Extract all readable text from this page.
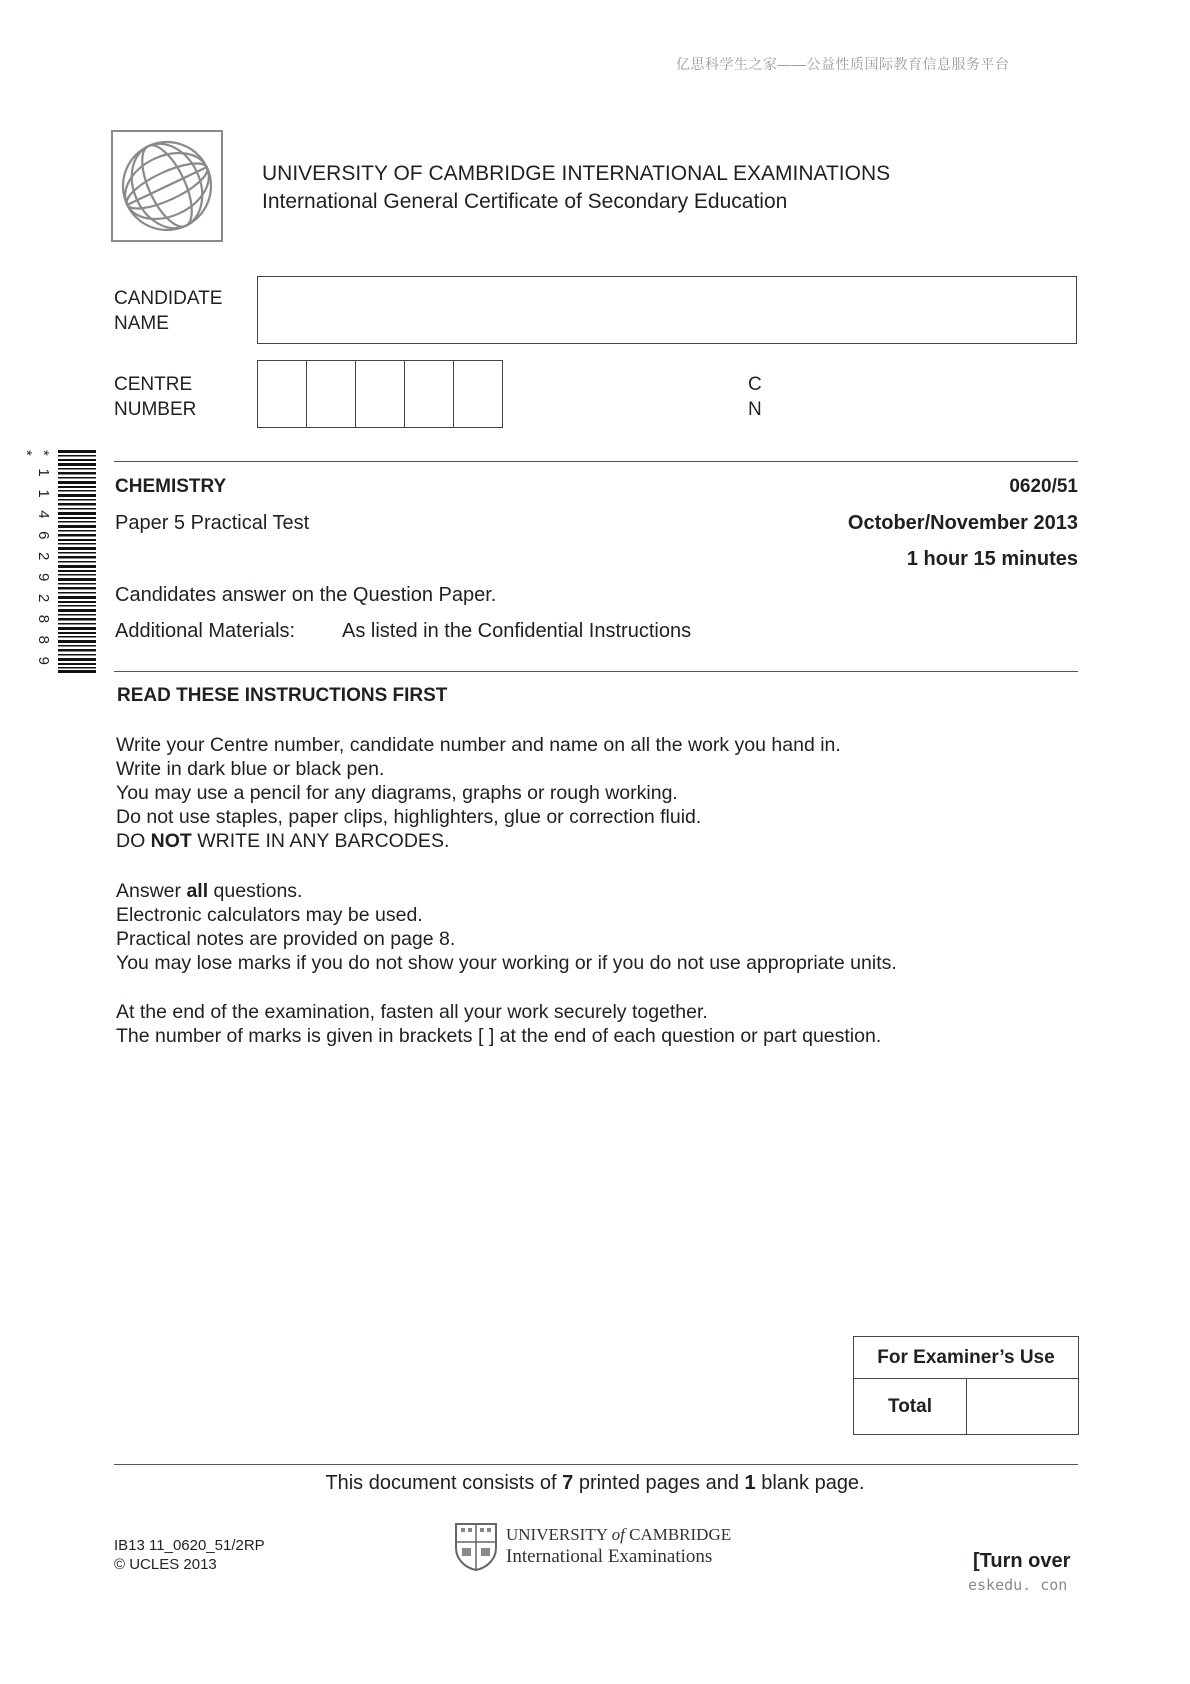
亿思科学生之家——公益性质国际教育信息服务平台
UNIVERSITY OF CAMBRIDGE INTERNATIONAL EXAMINATIONS
International General Certificate of Secondary Education
CANDIDATE
NAME
CENTRE
NUMBER
C
N
* 1 1 4 6 2 9 2 8 8 9 *
CHEMISTRY	0620/51
Paper 5 Practical Test	October/November 2013
1 hour 15 minutes
Candidates answer on the Question Paper.
Additional Materials: As listed in the Confidential Instructions
READ THESE INSTRUCTIONS FIRST
Write your Centre number, candidate number and name on all the work you hand in.
Write in dark blue or black pen.
You may use a pencil for any diagrams, graphs or rough working.
Do not use staples, paper clips, highlighters, glue or correction fluid.
DO NOT WRITE IN ANY BARCODES.
Answer all questions.
Electronic calculators may be used.
Practical notes are provided on page 8.
You may lose marks if you do not show your working or if you do not use appropriate units.
At the end of the examination, fasten all your work securely together.
The number of marks is given in brackets [ ] at the end of each question or part question.
For Examiner’s Use
Total	
This document consists of 7 printed pages and 1 blank page.
IB13 11_0620_51/2RP
© UCLES 2013
UNIVERSITY of CAMBRIDGE
International Examinations	[Turn over
eskedu. con
